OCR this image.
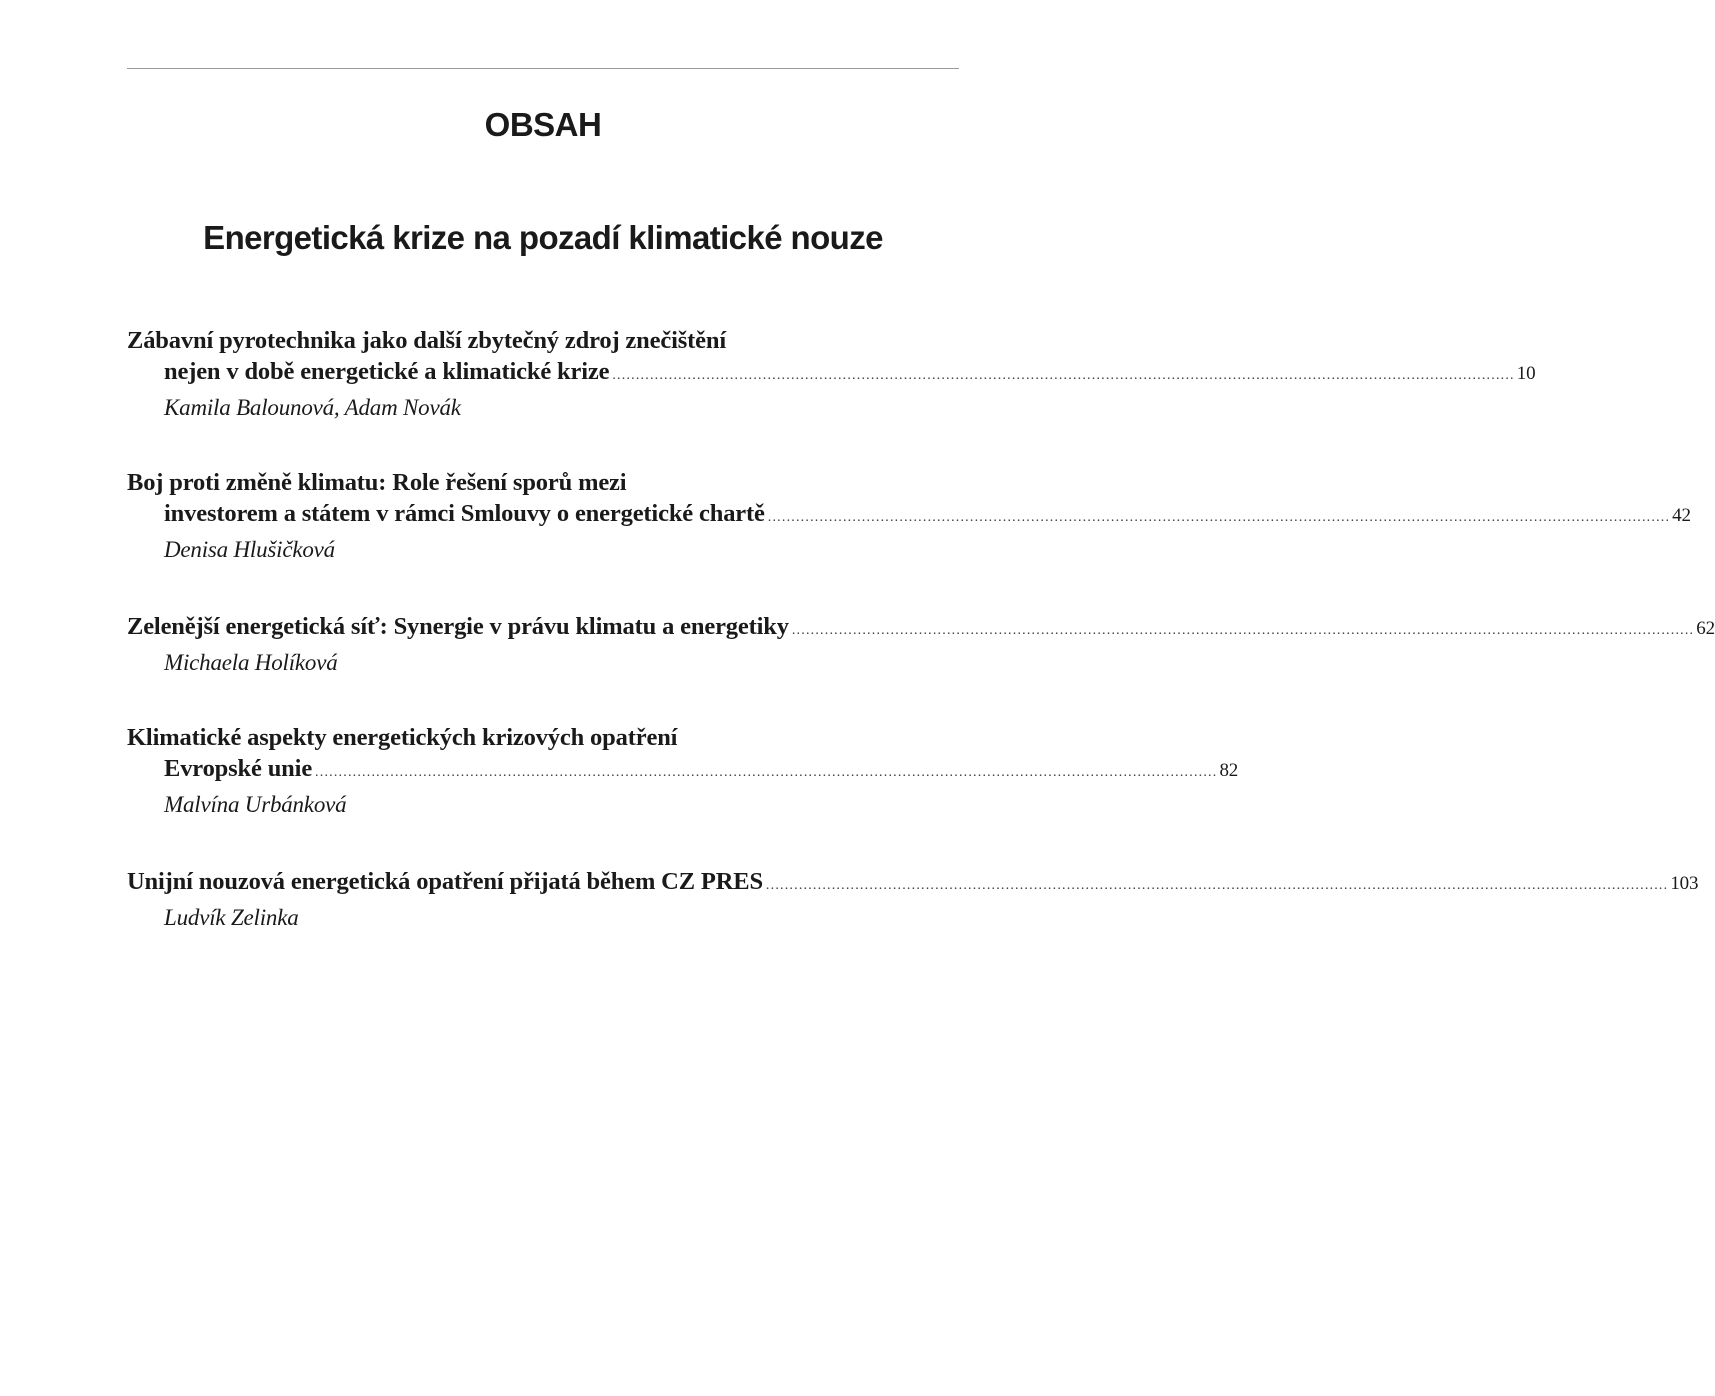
OBSAH
Energetická krize na pozadí klimatické nouze
Zábavní pyrotechnika jako další zbytečný zdroj znečištění
nejen v době energetické a klimatické krize ................................................................................................................................................................................................ 10
Kamila Balounová, Adam Novák
Boj proti změně klimatu: Role řešení sporů mezi
investorem a státem v rámci Smlouvy o energetické chartě ................................................................................................................................................................................................ 42
Denisa Hlušičková
Zelenější energetická síť: Synergie v právu klimatu a energetiky ................................................................................................................................................................................................ 62
Michaela Holíková
Klimatické aspekty energetických krizových opatření
Evropské unie ................................................................................................................................................................................................ 82
Malvína Urbánková
Unijní nouzová energetická opatření přijatá během CZ PRES ................................................................................................................................................................................................ 103
Ludvík Zelinka
